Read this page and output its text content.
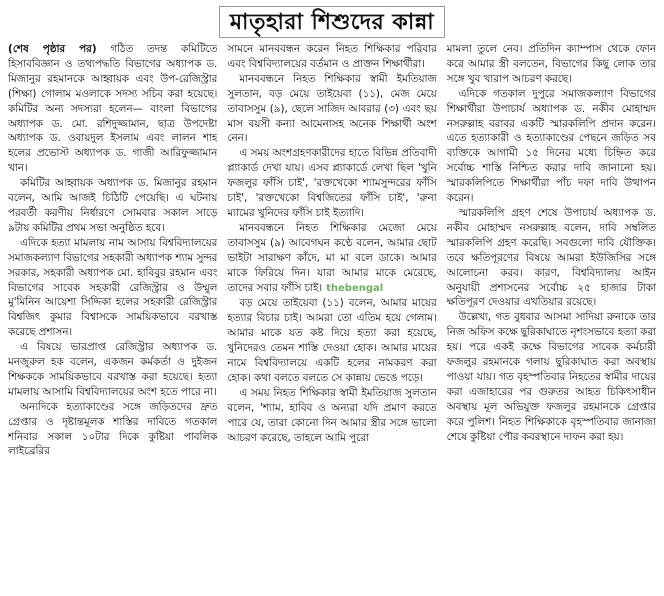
মাতৃহারা শিশুদের কান্না

(শেষ পৃষ্ঠার পর) গঠিত তদন্ত কমিটিতে হিসাববিজ্ঞান ও তথ্যপদ্ধতি বিভাগের অধ্যাপক ড. মিজানুর রহমানকে আহ্বায়ক এবং উপ-রেজিস্ট্রার (শিক্ষা) গোলাম মওলাকে সদস্য সচিব করা হয়েছে। কমিটির অন্য সদস্যরা হলেন— বাংলা বিভাগের অধ্যাপক ড. মো. রশিদুজ্জামান, ছাত্র উপদেষ্টা অধ্যাপক ড. ওবায়দুল ইসলাম এবং লালন শাহ হলের প্রভোস্ট অধ্যাপক ড. গাজী আরিফুজ্জামান খান।

কমিটির আহ্বায়ক অধ্যাপক ড. মিজানুর রহমান বলেন, আমি আজই চিঠিটি পেয়েছি। এ ঘটনায় পরবর্তী করণীয় নির্ধারণে সোমবার সকাল সাড়ে ৯টায় কমিটির প্রথম সভা অনুষ্ঠিত হবে।

এদিকে হত্যা মামলায় নাম আসায় বিশ্ববিদ্যালয়ের সমাজকল্যাণ বিভাগের সহকারী অধ্যাপক শ্যাম সুন্দর সরকার, সহকারী অধ্যাপক মো. হাবিবুর রহমান এবং বিভাগের সাবেক সহকারী রেজিস্ট্রার ও উম্মুল মু'মিনিন আয়েশা সিদ্দিকা হলের সহকারী রেজিস্ট্রার বিশ্বজিৎ কুমার বিশ্বাসকে সাময়িকভাবে বরখাস্ত করেছে প্রশাসন।

এ বিষয়ে ভারপ্রাপ্ত রেজিস্ট্রার অধ্যাপক ড. মনজুরুল হক বলেন, একজন কর্মকর্তা ও দুইজন শিক্ষককে সাময়িকভাবে বরখাস্ত করা হয়েছে। হত্যা মামলায় আসামি বিশ্ববিদ্যালয়ের অংশ হতে পারে না।

অন্যদিকে হত্যাকাণ্ডের সঙ্গে জড়িতদের দ্রুত গ্রেপ্তার ও দৃষ্টান্তমূলক শাস্তির দাবিতে গতকাল শনিবার সকাল ১০টার দিকে কুষ্টিয়া পাবলিক লাইব্রেরির

সামনে মানববন্ধন করেন নিহত শিক্ষিকার পরিবার এবং বিশ্ববিদ্যালয়ের বর্তমান ও প্রাক্তন শিক্ষার্থীরা।

মানববন্ধনে নিহত শিক্ষিকার স্বামী ইমতিয়াজ সুলতান, বড় মেয়ে তাইয়েবা (১১), মেজ মেয়ে তাবাসসুম (৯), ছেলে সাজিদ আবরার (৩) এবং ছয় মাস বয়সী কন্যা আমেনাসহ অনেক শিক্ষার্থী অংশ নেন।

এ সময় অংশগ্রহণকারীদের হাতে বিভিন্ন প্রতিবাদী প্ল্যাকার্ড দেখা যায়। এসব প্ল্যাকার্ডে লেখা ছিল 'খুনি ফজলুর ফাঁসি চাই', 'রক্তখেকো শ্যামসুন্দরের ফাঁসি চাই', 'রক্তখেকো বিশ্বজিতের ফাঁসি চাই', 'রুনা ম্যামের খুনিদের ফাঁসি চাই ইত্যাদি।

মানববন্ধনে নিহত শিক্ষিকার মেজো মেয়ে তাবাসসুম (৯) আবেগঘন কণ্ঠে বলেন, আমার ছোট ভাইটা সারাক্ষণ কাঁদে, মা মা বলে ডাকে। আমার মাকে ফিরিয়ে দিন। যারা আমার মাকে মেরেছে, তাদের সবার ফাঁসি চাই। thebengal

বড় মেয়ে তাইয়েবা (১১) বলেন, আমার মায়ের হত্যার বিচার চাই। আমরা তো এতিম হয়ে গেলাম। আমার মাকে যত কষ্ট দিয়ে হত্যা করা হয়েছে, খুনিদেরও তেমন শাস্তি দেওয়া হোক। আমার মায়ের নামে বিশ্ববিদ্যালয়ে একটি হলের নামকরণ করা হোক। কথা বলতে বলতে সে কান্নায় ভেঙে পড়ে।

এ সময় নিহত শিক্ষিকার স্বামী ইমতিয়াজ সুলতান বলেন, 'শ্যাম, হাবিব ও অন্যরা যদি প্রমাণ করতে পারে যে, তারা কোনো দিন আমার স্ত্রীর সঙ্গে ভালো আচরণ করেছে, তাহলে আমি পুরো

মামলা তুলে নেব। প্রতিদিন ক্যাম্পাস থেকে ফোন করে আমার স্ত্রী বলতেন, বিভাগের কিছু লোক তার সঙ্গে খুব খারাপ আচরণ করছে।

এদিকে গতকাল দুপুরে সমাজকল্যাণ বিভাগের শিক্ষার্থীরা উপাচার্য অধ্যাপক ড. নকীব মোহাম্মদ নসরুল্লাহ বরাবর একটি স্মারকলিপি প্রদান করেন। এতে হত্যাকারী ও হত্যাকাণ্ডের পেছনে জড়িত সব ব্যক্তিকে আগামী ১৫ দিনের মধ্যে চিহ্নিত করে সর্বোচ্চ শাস্তি নিশ্চিত করার দাবি জানানো হয়। স্মারকলিপিতে শিক্ষার্থীরা পাঁচ দফা দাবি উত্থাপন করেন।

স্মারকলিপি গ্রহণ শেষে উপাচার্য অধ্যাপক ড. নকীব মোহাম্মদ নসরুল্লাহ বলেন, দাবি সম্বলিত স্মারকলিপি গ্রহণ করেছি। সবগুলো দাবি যৌক্তিক। তবে ক্ষতিপূরণের বিষয়ে আমরা ইউজিসির সঙ্গে আলোচনা করব। কারণ, বিশ্ববিদ্যালয় আইন অনুযায়ী প্রশাসনের সর্বোচ্চ ২৫ হাজার টাকা ক্ষতিপূরণ দেওয়ার এখতিয়ার রয়েছে।

উল্লেখ্য, গত বুধবার আসমা সাদিয়া রুনাকে তার নিজ অফিস কক্ষে ছুরিকাঘাতে নৃশংসভাবে হত্যা করা হয়। পরে একই কক্ষে বিভাগের সাবেক কর্মচারী ফজলুর রহমানকে গলায় ছুরিকাঘাত করা অবস্থায় পাওয়া যায়। গত বৃহস্পতিবার নিহতের স্বামীর দায়ের করা এজাহারের পর গুরুতর আহত চিকিৎসাধীন অবস্থায় মূল অভিযুক্ত ফজলুর রহমানকে গ্রেপ্তার করে পুলিশ। নিহত শিক্ষিকাকে বৃহস্পতিবার জানাজা শেষে কুষ্টিয়া পৌর কবরস্থানে দাফন করা হয়।
